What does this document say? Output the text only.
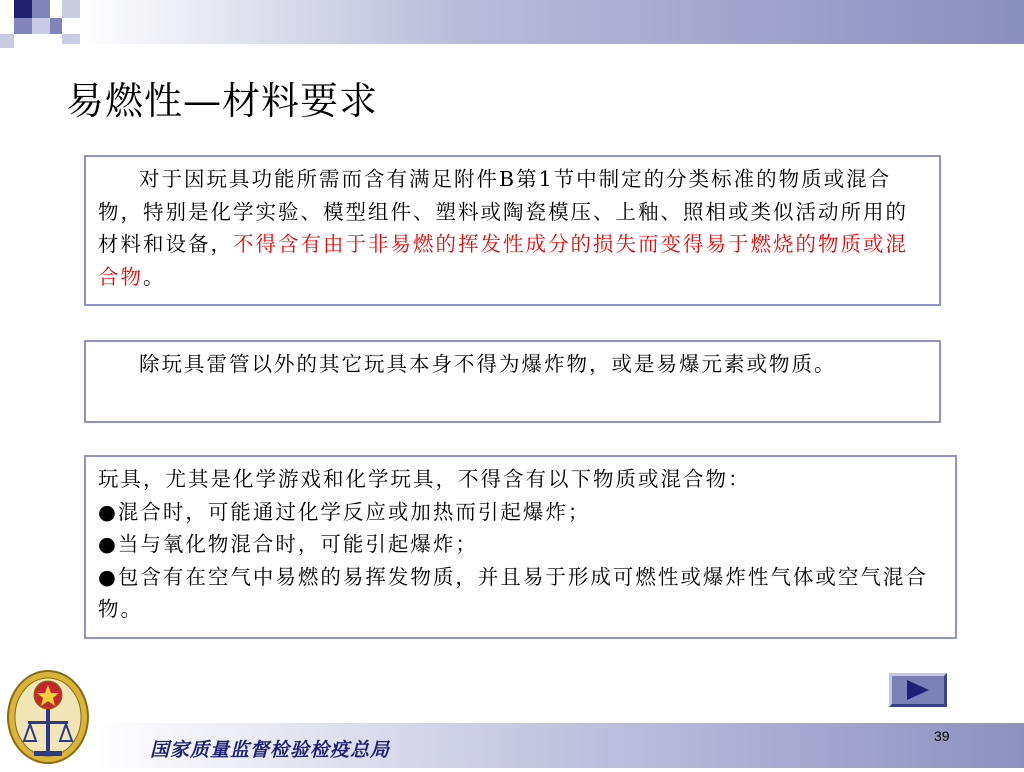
易燃性—材料要求

对于因玩具功能所需而含有满足附件B第1节中制定的分类标准的物质或混合物，特别是化学实验、模型组件、塑料或陶瓷模压、上釉、照相或类似活动所用的材料和设备，不得含有由于非易燃的挥发性成分的损失而变得易于燃烧的物质或混合物。

除玩具雷管以外的其它玩具本身不得为爆炸物，或是易爆元素或物质。

玩具，尤其是化学游戏和化学玩具，不得含有以下物质或混合物：

●混合时，可能通过化学反应或加热而引起爆炸；

●当与氧化物混合时，可能引起爆炸；

●包含有在空气中易燃的易挥发物质，并且易于形成可燃性或爆炸性气体或空气混合物。

国家质量监督检验检疫总局
39
